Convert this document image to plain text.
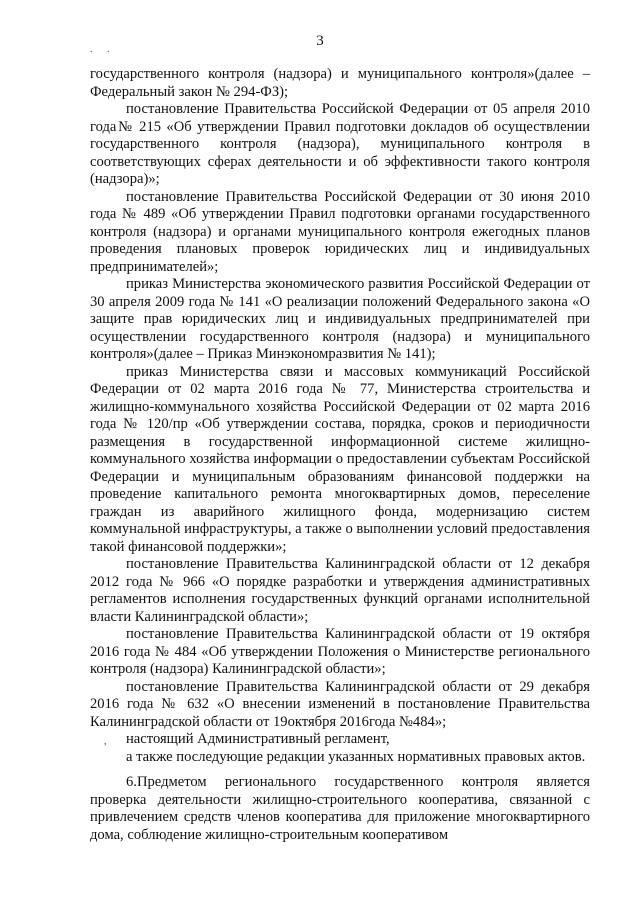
3
. .

государственного контроля (надзора) и муниципального контроля»(далее – Федеральный закон № 294-ФЗ);

постановление Правительства Российской Федерации от 05 апреля 2010 года№ 215 «Об утверждении Правил подготовки докладов об осуществлении государственного контроля (надзора), муниципального контроля в соответствующих сферах деятельности и об эффективности такого контроля (надзора)»;

постановление Правительства Российской Федерации от 30 июня 2010 года № 489 «Об утверждении Правил подготовки органами государственного контроля (надзора) и органами муниципального контроля ежегодных планов проведения плановых проверок юридических лиц и индивидуальных предпринимателей»;

приказ Министерства экономического развития Российской Федерации от 30 апреля 2009 года № 141 «О реализации положений Федерального закона «О защите прав юридических лиц и индивидуальных предпринимателей при осуществлении государственного контроля (надзора) и муниципального контроля»(далее – Приказ Минэкономразвития № 141);

приказ Министерства связи и массовых коммуникаций Российской Федерации от 02 марта 2016 года № 77, Министерства строительства и жилищно-коммунального хозяйства Российской Федерации от 02 марта 2016 года № 120/пр «Об утверждении состава, порядка, сроков и периодичности размещения в государственной информационной системе жилищно-коммунального хозяйства информации о предоставлении субъектам Российской Федерации и муниципальным образованиям финансовой поддержки на проведение капитального ремонта многоквартирных домов, переселение граждан из аварийного жилищного фонда, модернизацию систем коммунальной инфраструктуры, а также о выполнении условий предоставления такой финансовой поддержки»;

постановление Правительства Калининградской области от 12 декабря 2012 года № 966 «О порядке разработки и утверждения административных регламентов исполнения государственных функций органами исполнительной власти Калининградской области»;

постановление Правительства Калининградской области от 19 октября 2016 года № 484 «Об утверждении Положения о Министерстве регионального контроля (надзора) Калининградской области»;

постановление Правительства Калининградской области от 29 декабря 2016 года № 632 «О внесении изменений в постановление Правительства Калининградской области от 19октября 2016года №484»;

настоящий Административный регламент,

а также последующие редакции указанных нормативных правовых актов.

6.Предметом регионального государственного контроля является проверка деятельности жилищно-строительного кооператива, связанной с привлечением средств членов кооператива для приложение многоквартирного дома, соблюдение жилищно-строительным кооперативом

,
